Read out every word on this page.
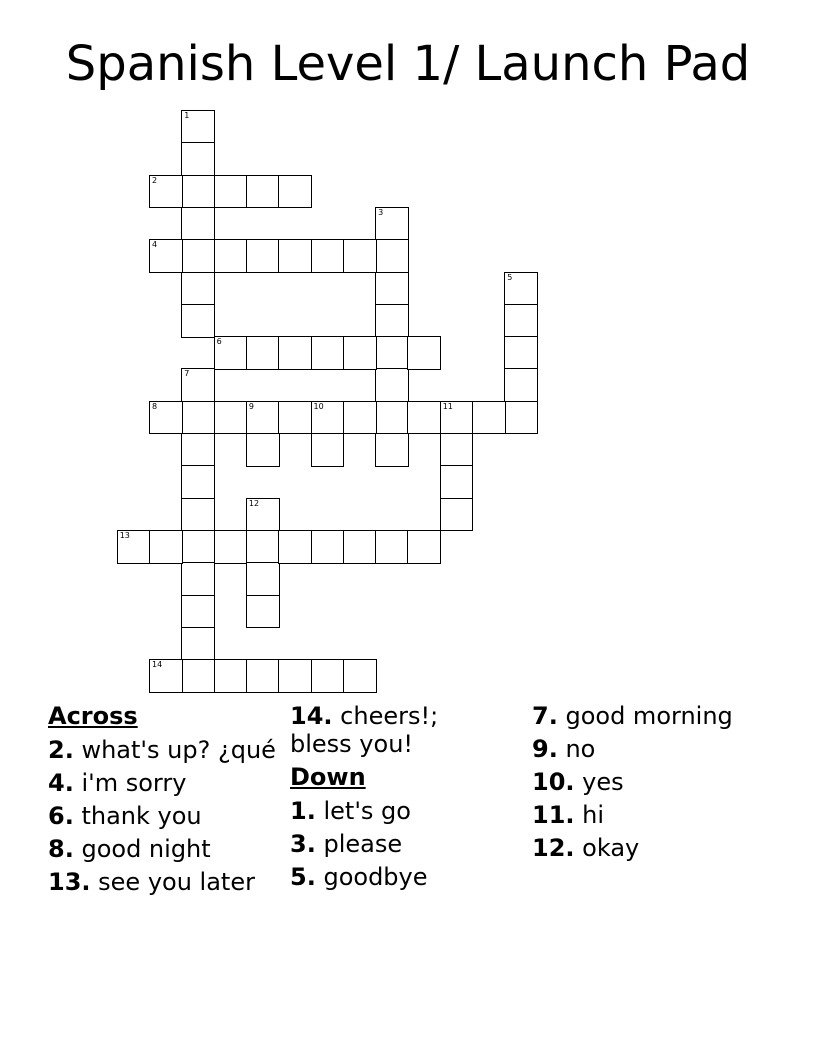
Spanish Level 1/ Launch Pad
1
2
3
4
5
6
7
8	9	10	11
12
13
14
Across
2. what's up? ¿qué
4. i'm sorry
6. thank you
8. good night
13. see you later
14. cheers!; bless you!
Down
1. let's go
3. please
5. goodbye
7. good morning
9. no
10. yes
11. hi
12. okay
